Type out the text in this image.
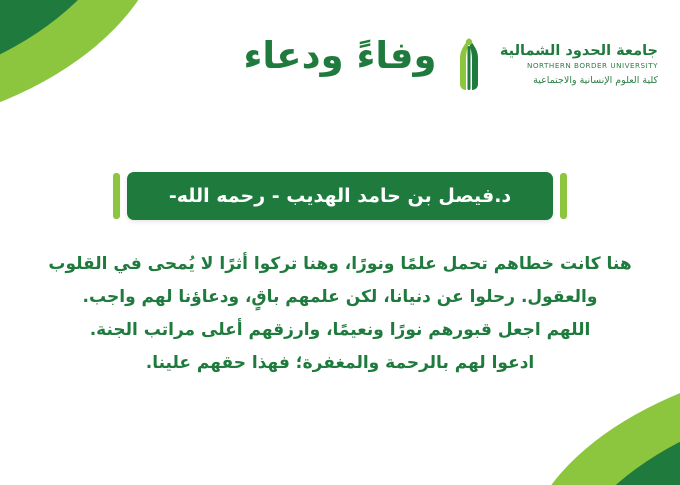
وفاءً ودعاء	جامعة الحدود الشمالية
NORTHERN BORDER UNIVERSITY
كلية العلوم الإنسانية والاجتماعية
د.فيصل بن حامد الهديب - رحمه الله-
هنا كانت خطاهم تحمل علمًا ونورًا، وهنا تركوا أثرًا لا يُمحى في القلوب
والعقول. رحلوا عن دنيانا، لكن علمهم باقٍ، ودعاؤنا لهم واجب.
اللهم اجعل قبورهم نورًا ونعيمًا، وارزقهم أعلى مراتب الجنة.
ادعوا لهم بالرحمة والمغفرة؛ فهذا حقهم علينا.
